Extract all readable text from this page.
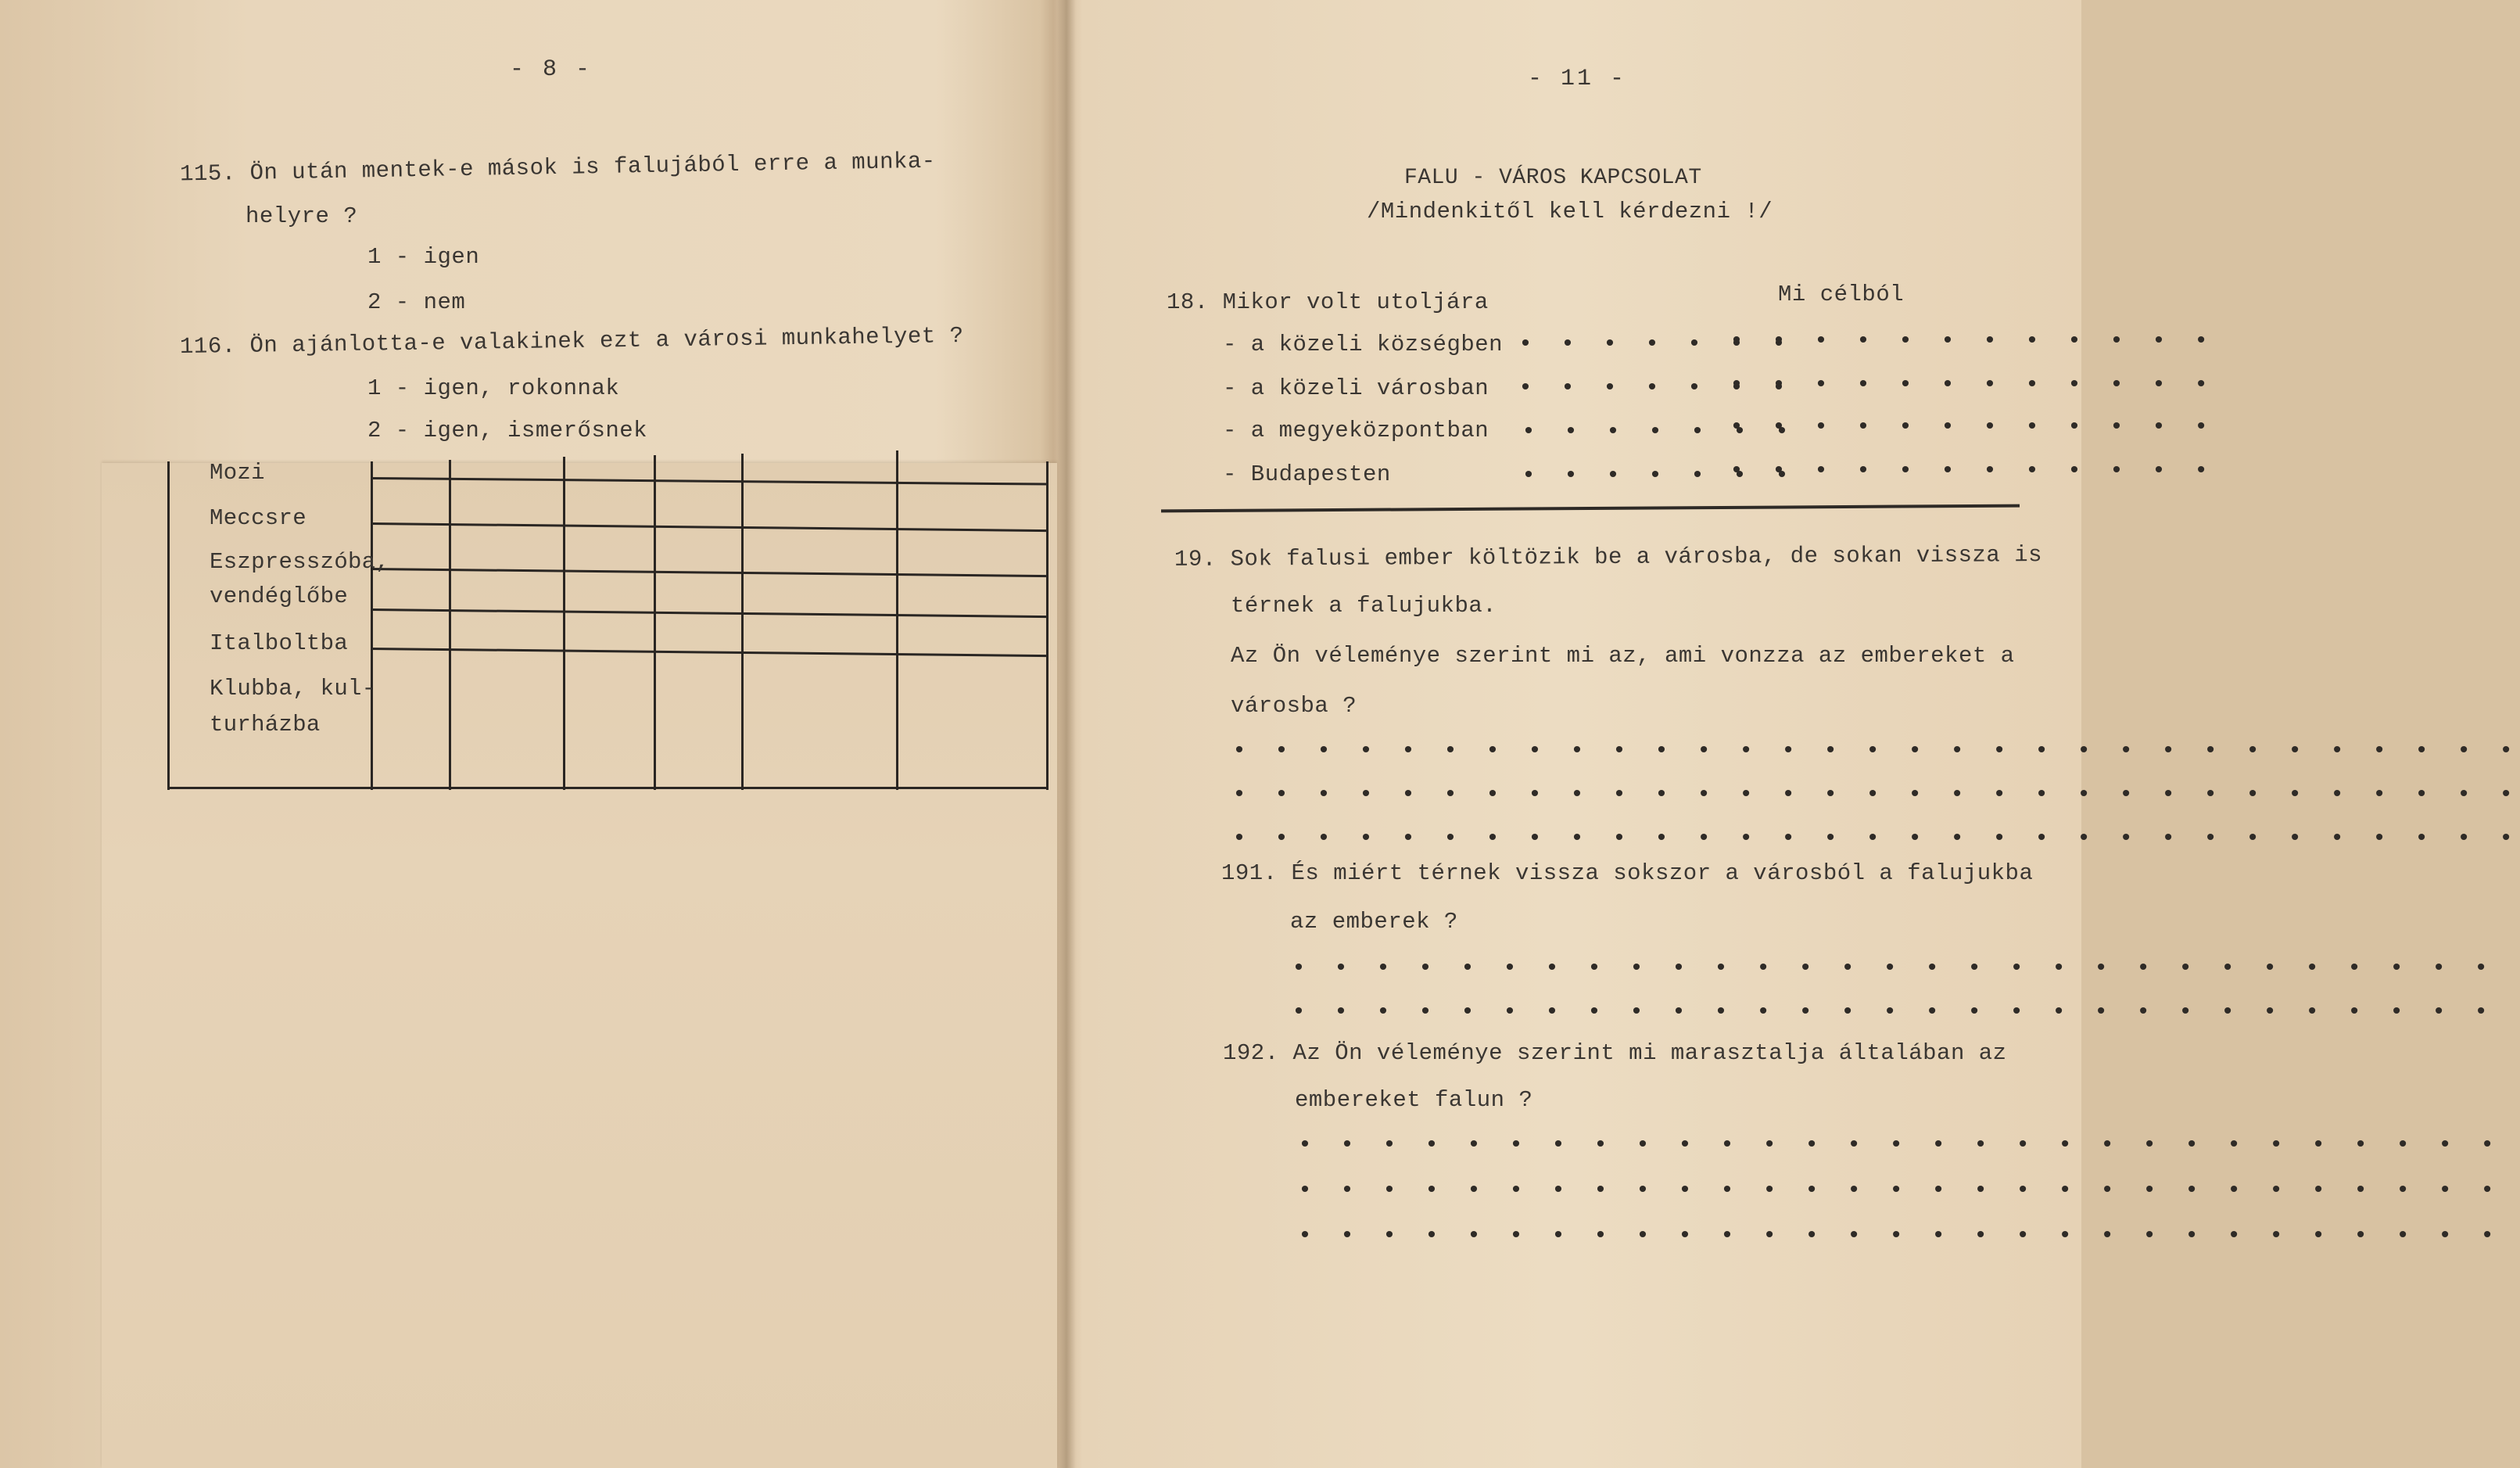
- 8 -
115. Ön után mentek-e mások is falujából erre a munka-
helyre ?
1 - igen
2 - nem
116. Ön ajánlotta-e valakinek ezt a városi munkahelyet ?
1 - igen, rokonnak
2 - igen, ismerősnek
Mozi
Meccsre
Eszpresszóba,
vendéglőbe
Italboltba
Klubba, kul-
turházba
- 11 -
FALU - VÁROS KAPCSOLAT
/Mindenkitől kell kérdezni !/
18. Mikor volt utoljára	Mi célból
- a közeli községben • • • • • • •
• • • • • • • • • • • •
- a közeli városban • • • • • • •
• • • • • • • • • • • •
- a megyeközpontban • • • • • • •
• • • • • • • • • • • •
- Budapesten	• • • • • • •
• • • • • • • • • • • •
19. Sok falusi ember költözik be a városba, de sokan vissza is
térnek a falujukba.
Az Ön véleménye szerint mi az, ami vonzza az embereket a
városba ?
• • • • • • • • • • • • • • • • • • • • • • • • • • • • • • •
• • • • • • • • • • • • • • • • • • • • • • • • • • • • • • •
• • • • • • • • • • • • • • • • • • • • • • • • • • • • • • •
191. És miért térnek vissza sokszor a városból a falujukba
az emberek ?
• • • • • • • • • • • • • • • • • • • • • • • • • • • • •
• • • • • • • • • • • • • • • • • • • • • • • • • • • • •
192. Az Ön véleménye szerint mi marasztalja általában az
embereket falun ?
• • • • • • • • • • • • • • • • • • • • • • • • • • • • •
• • • • • • • • • • • • • • • • • • • • • • • • • • • • •
• • • • • • • • • • • • • • • • • • • • • • • • • • • • •
